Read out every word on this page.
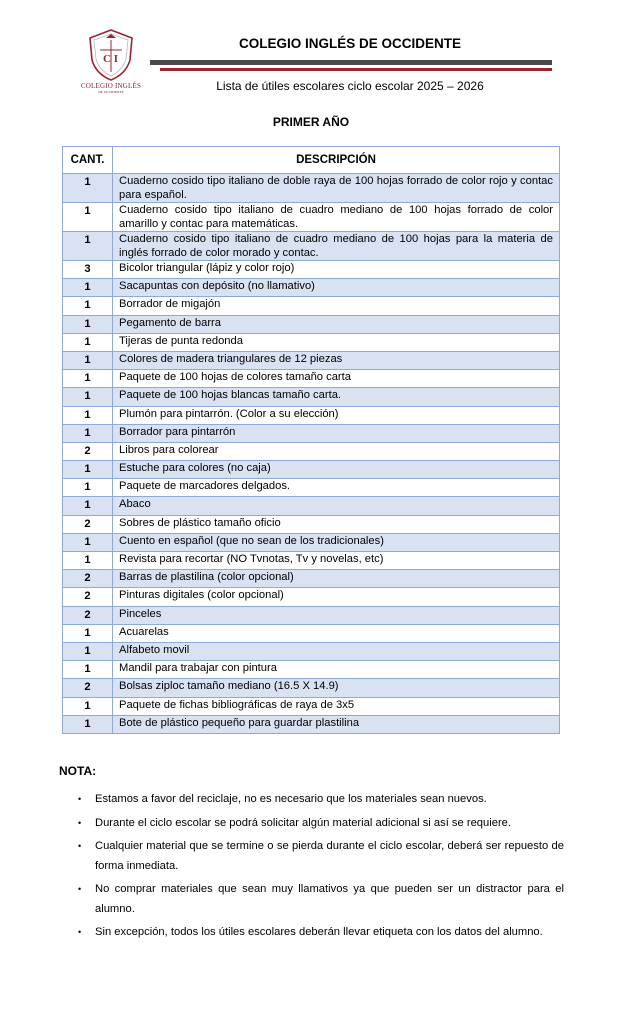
C I
COLEGIO INGLÉS
DE OCCIDENTE
COLEGIO INGLÉS DE OCCIDENTE
Lista de útiles escolares ciclo escolar 2025 – 2026
PRIMER AÑO
CANT.	DESCRIPCIÓN
1	Cuaderno cosido tipo italiano de doble raya de 100 hojas forrado de color rojo y contac para español.
1	Cuaderno cosido tipo italiano de cuadro mediano de 100 hojas forrado de color amarillo y contac para matemáticas.
1	Cuaderno cosido tipo italiano de cuadro mediano de 100 hojas para la materia de inglés forrado de color morado y contac.
3	Bicolor triangular (lápiz y color rojo)
1	Sacapuntas con depósito (no llamativo)
1	Borrador de migajón
1	Pegamento de barra
1	Tijeras de punta redonda
1	Colores de madera triangulares de 12 piezas
1	Paquete de 100 hojas de colores tamaño carta
1	Paquete de 100 hojas blancas tamaño carta.
1	Plumón para pintarrón. (Color a su elección)
1	Borrador para pintarrón
2	Libros para colorear
1	Estuche para colores (no caja)
1	Paquete de marcadores delgados.
1	Abaco
2	Sobres de plástico tamaño oficio
1	Cuento en español (que no sean de los tradicionales)
1	Revista para recortar (NO Tvnotas, Tv y novelas, etc)
2	Barras de plastilina (color opcional)
2	Pinturas digitales (color opcional)
2	Pinceles
1	Acuarelas
1	Alfabeto movil
1	Mandil para trabajar con pintura
2	Bolsas ziploc tamaño mediano (16.5 X 14.9)
1	Paquete de fichas bibliográficas de raya de 3x5
1	Bote de plástico pequeño para guardar plastilina
NOTA:
• Estamos a favor del reciclaje, no es necesario que los materiales sean nuevos.
• Durante el ciclo escolar se podrá solicitar algún material adicional si así se requiere.
• Cualquier material que se termine o se pierda durante el ciclo escolar, deberá ser repuesto de forma inmediata.
• No comprar materiales que sean muy llamativos ya que pueden ser un distractor para el alumno.
• Sin excepción, todos los útiles escolares deberán llevar etiqueta con los datos del alumno.
